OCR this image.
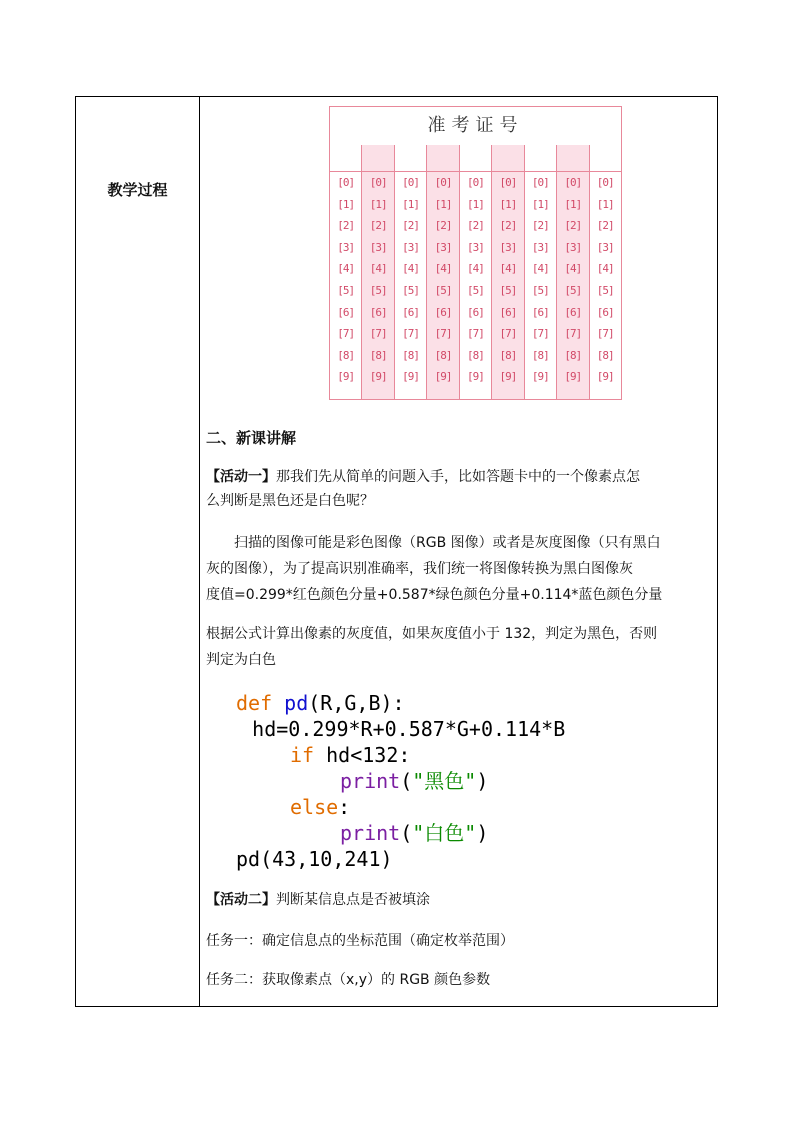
教学过程
准考证号
[0]
[1]
[2]
[3]
[4]
[5]
[6]
[7]
[8]
[9]
[0]
[1]
[2]
[3]
[4]
[5]
[6]
[7]
[8]
[9]
[0]
[1]
[2]
[3]
[4]
[5]
[6]
[7]
[8]
[9]
[0]
[1]
[2]
[3]
[4]
[5]
[6]
[7]
[8]
[9]
[0]
[1]
[2]
[3]
[4]
[5]
[6]
[7]
[8]
[9]
[0]
[1]
[2]
[3]
[4]
[5]
[6]
[7]
[8]
[9]
[0]
[1]
[2]
[3]
[4]
[5]
[6]
[7]
[8]
[9]
[0]
[1]
[2]
[3]
[4]
[5]
[6]
[7]
[8]
[9]
[0]
[1]
[2]
[3]
[4]
[5]
[6]
[7]
[8]
[9]
二、新课讲解
【活动一】那我们先从简单的问题入手，比如答题卡中的一个像素点怎
么判断是黑色还是白色呢？
扫描的图像可能是彩色图像（RGB 图像）或者是灰度图像（只有黑白
灰的图像），为了提高识别准确率，我们统一将图像转换为黑白图像灰
度值=0.299*红色颜色分量+0.587*绿色颜色分量+0.114*蓝色颜色分量
根据公式计算出像素的灰度值，如果灰度值小于 132，判定为黑色，否则
判定为白色
def pd(R,G,B):
hd=0.299*R+0.587*G+0.114*B
if hd<132:
print("黑色")
else:
print("白色")
pd(43,10,241)
【活动二】判断某信息点是否被填涂
任务一：确定信息点的坐标范围（确定枚举范围）
任务二：获取像素点（x,y）的 RGB 颜色参数
